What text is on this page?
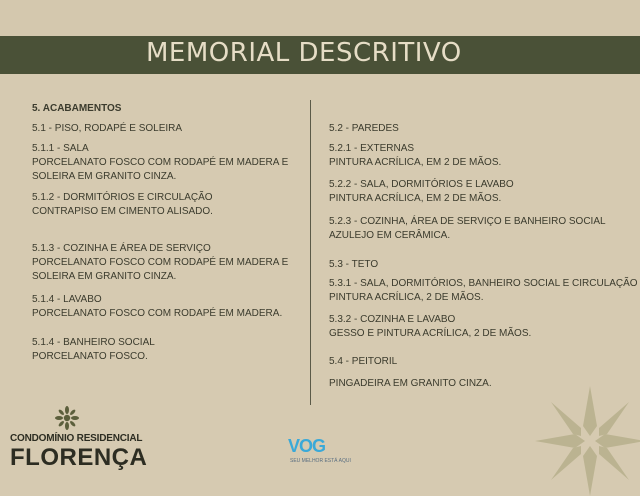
MEMORIAL DESCRITIVO

5. ACABAMENTOS

5.1 - PISO, RODAPÉ E SOLEIRA

5.1.1 - SALA

PORCELANATO FOSCO COM RODAPÉ EM MADERA E

SOLEIRA EM GRANITO CINZA.

5.1.2 - DORMITÓRIOS E CIRCULAÇÃO

CONTRAPISO EM CIMENTO ALISADO.

5.1.3 - COZINHA E ÁREA DE SERVIÇO

PORCELANATO FOSCO COM RODAPÉ EM MADERA E

SOLEIRA EM GRANITO CINZA.

5.1.4 - LAVABO

PORCELANATO FOSCO COM RODAPÉ EM MADERA.

5.1.4 - BANHEIRO SOCIAL

PORCELANATO FOSCO.

5.2 - PAREDES

5.2.1 - EXTERNAS

PINTURA ACRÍLICA, EM 2 DE MÃOS.

5.2.2 - SALA, DORMITÓRIOS E LAVABO

PINTURA ACRÍLICA, EM 2 DE MÃOS.

5.2.3 - COZINHA, ÁREA DE SERVIÇO E BANHEIRO SOCIAL

AZULEJO EM CERÂMICA.

5.3 - TETO

5.3.1 - SALA, DORMITÓRIOS, BANHEIRO SOCIAL E CIRCULAÇÃO

PINTURA ACRÍLICA, 2 DE MÃOS.

5.3.2 - COZINHA E LAVABO

GESSO E PINTURA ACRÍLICA, 2 DE MÃOS.

5.4 - PEITORIL

PINGADEIRA EM GRANITO CINZA.

CONDOMÍNIO RESIDENCIAL
FLORENÇA	VOG
SEU MELHOR ESTÁ AQUI
